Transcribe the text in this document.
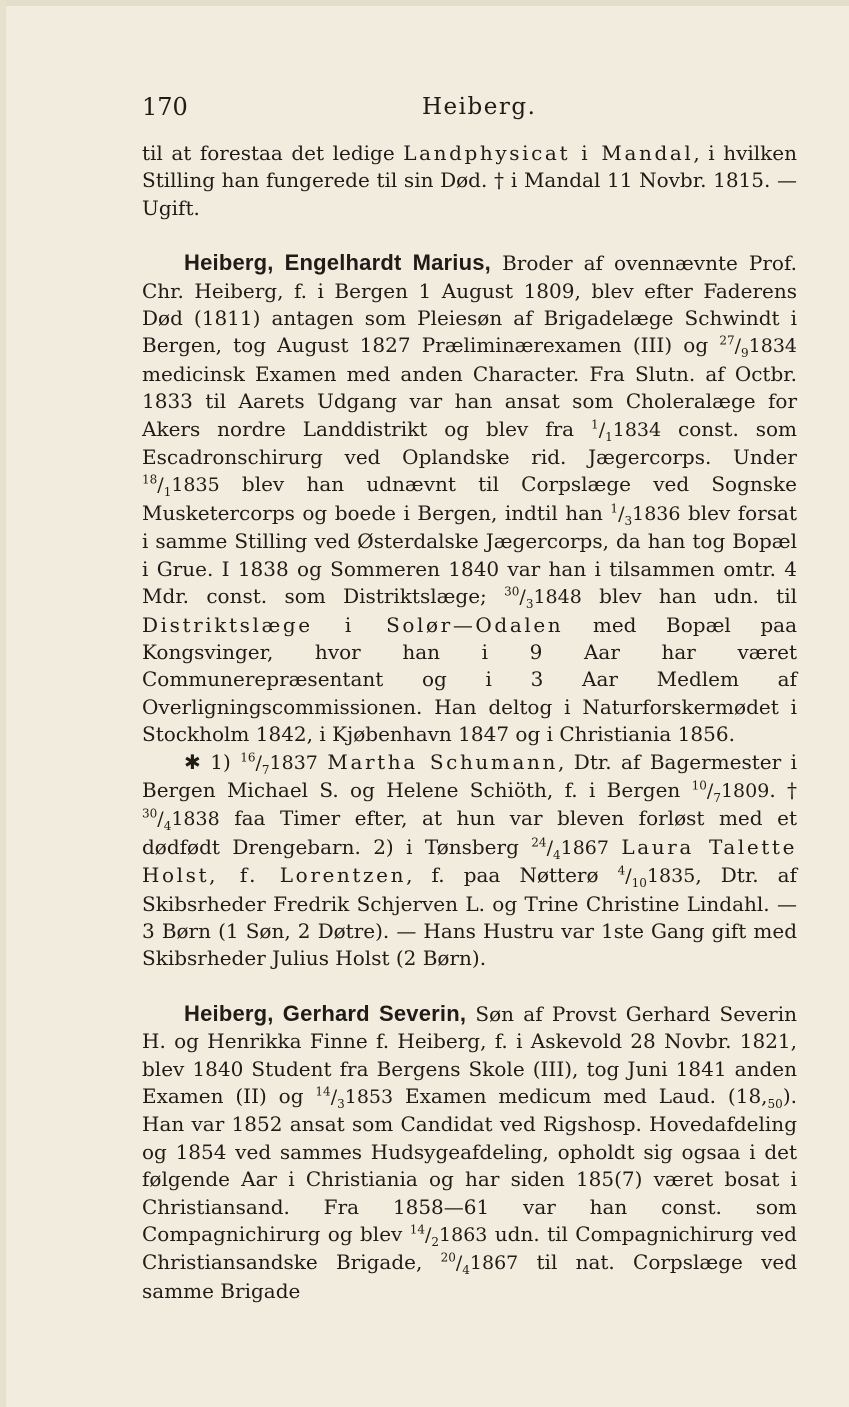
170	Heiberg.

til at forestaa det ledige Landphysicat i Mandal, i hvilken Stilling han fungerede til sin Død. † i Mandal 11 Novbr. 1815. — Ugift.

Heiberg, Engelhardt Marius, Broder af ovennævnte Prof. Chr. Heiberg, f. i Bergen 1 August 1809, blev efter Faderens Død (1811) antagen som Pleiesøn af Brigadelæge Schwindt i Bergen, tog August 1827 Præliminærexamen (III) og $^{27}/_91834$ medicinsk Examen med anden Character. Fra Slutn. af Octbr. 1833 til Aarets Udgang var han ansat som Choleralæge for Akers nordre Landdistrikt og blev fra $^1/_11834$ const. som Escadronschirurg ved Oplandske rid. Jægercorps. Under $^{18}/_11835$ blev han udnævnt til Corpslæge ved Sognske Musketercorps og boede i Bergen, indtil han $^1/_31836$ blev forsat i samme Stilling ved Østerdalske Jægercorps, da han tog Bopæl i Grue. I 1838 og Sommeren 1840 var han i tilsammen omtr. 4 Mdr. const. som Distriktslæge; $^{30}/_31848$ blev han udn. til Distriktslæge i Solør—Odalen med Bopæl paa Kongsvinger, hvor han i 9 Aar har været Communerepræsentant og i 3 Aar Medlem af Overligningscommissionen. Han deltog i Naturforskermødet i Stockholm 1842, i Kjøbenhavn 1847 og i Christiania 1856.

✱ 1) $^{16}/_71837$ Martha Schumann, Dtr. af Bagermester i Bergen Michael S. og Helene Schiöth, f. i Bergen $^{10}/_71809$. † $^{30}/_41838$ faa Timer efter, at hun var bleven forløst med et dødfødt Drengebarn. 2) i Tønsberg $^{24}/_41867$ Laura Talette Holst, f. Lorentzen, f. paa Nøtterø $^4/_{10}1835$, Dtr. af Skibsrheder Fredrik Schjerven L. og Trine Christine Lindahl. — 3 Børn (1 Søn, 2 Døtre). — Hans Hustru var 1ste Gang gift med Skibsrheder Julius Holst (2 Børn).

Heiberg, Gerhard Severin, Søn af Provst Gerhard Severin H. og Henrikka Finne f. Heiberg, f. i Askevold 28 Novbr. 1821, blev 1840 Student fra Bergens Skole (III), tog Juni 1841 anden Examen (II) og $^{14}/_31853$ Examen medicum med Laud. $(18,_{50})$. Han var 1852 ansat som Candidat ved Rigshosp. Hovedafdeling og 1854 ved sammes Hudsygeafdeling, opholdt sig ogsaa i det følgende Aar i Christiania og har siden 185(7) været bosat i Christiansand. Fra 1858—61 var han const. som Compagnichirurg og blev $^{14}/_21863$ udn. til Compagnichirurg ved Christiansandske Brigade, $^{20}/_41867$ til nat. Corpslæge ved samme Brigade
